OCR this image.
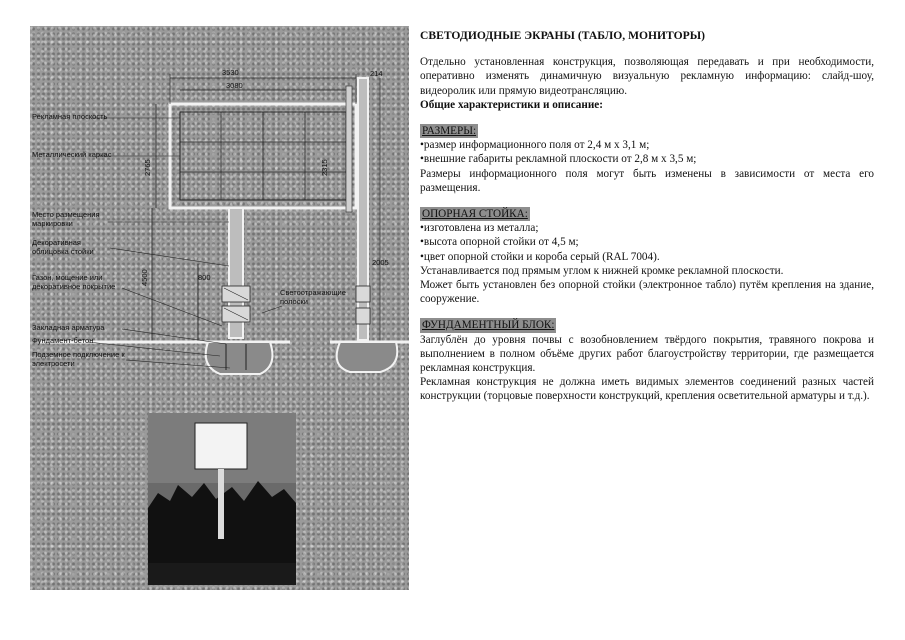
3530
3080
214
2765	2315
4500	800
2005
Рекламная плоскость
Металлический каркас
Место размещения маркировки
Декоративная облицовка стойки
Газон, мощение или декоративное покрытие
Закладная арматура
Фундамент-бетон
Подземное подключение к электросети
Светоотражающие полоски

СВЕТОДИОДНЫЕ ЭКРАНЫ (ТАБЛО, МОНИТОРЫ)

Отдельно установленная конструкция, позволяющая передавать и при необходимости, оперативно изменять динамичную визуальную рекламную информацию: слайд-шоу, видеоролик или прямую видеотрансляцию.

Общие характеристики и описание:

РАЗМЕРЫ:

•размер информационного поля от 2,4 м х 3,1 м;

•внешние габариты рекламной плоскости от 2,8 м х 3,5 м;

Размеры информационного поля могут быть изменены в зависимости от места его размещения.

ОПОРНАЯ СТОЙКА:

•изготовлена из металла;

•высота опорной стойки от 4,5 м;

•цвет опорной стойки и короба серый (RAL 7004).

Устанавливается под прямым углом к нижней кромке рекламной плоскости.

Может быть установлен без опорной стойки (электронное табло) путём крепления на здание, сооружение.

ФУНДАМЕНТНЫЙ БЛОК:

Заглублён до уровня почвы с возобновлением твёрдого покрытия, травяного покрова и выполнением в полном объёме других работ благоустройству территории, где размещается рекламная конструкция.

Рекламная конструкция не должна иметь видимых элементов соединений разных частей конструкции (торцовые поверхности конструкций, крепления осветительной арматуры и т.д.).
